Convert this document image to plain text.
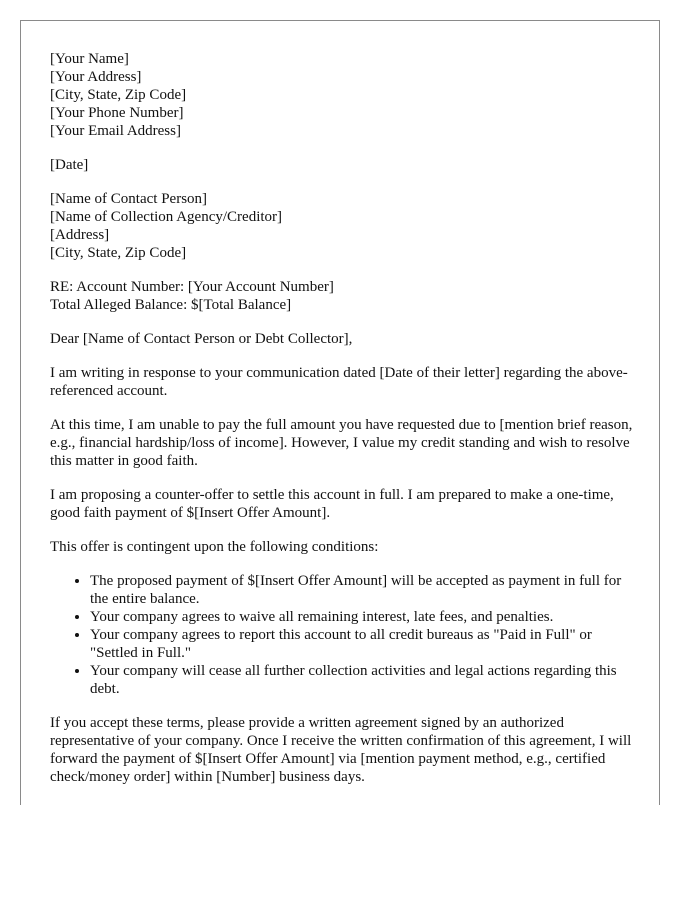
[Your Name]
[Your Address]
[City, State, Zip Code]
[Your Phone Number]
[Your Email Address]
[Date]
[Name of Contact Person]
[Name of Collection Agency/Creditor]
[Address]
[City, State, Zip Code]
RE: Account Number: [Your Account Number]
Total Alleged Balance: $[Total Balance]

Dear [Name of Contact Person or Debt Collector],

I am writing in response to your communication dated [Date of their letter] regarding the above-referenced account.

At this time, I am unable to pay the full amount you have requested due to [mention brief reason, e.g., financial hardship/loss of income]. However, I value my credit standing and wish to resolve this matter in good faith.

I am proposing a counter-offer to settle this account in full. I am prepared to make a one-time, good faith payment of $[Insert Offer Amount].

This offer is contingent upon the following conditions:

• The proposed payment of $[Insert Offer Amount] will be accepted as payment in full for the entire balance.
• Your company agrees to waive all remaining interest, late fees, and penalties.
• Your company agrees to report this account to all credit bureaus as "Paid in Full" or "Settled in Full."
• Your company will cease all further collection activities and legal actions regarding this debt.

If you accept these terms, please provide a written agreement signed by an authorized representative of your company. Once I receive the written confirmation of this agreement, I will forward the payment of $[Insert Offer Amount] via [mention payment method, e.g., certified check/money order] within [Number] business days.
